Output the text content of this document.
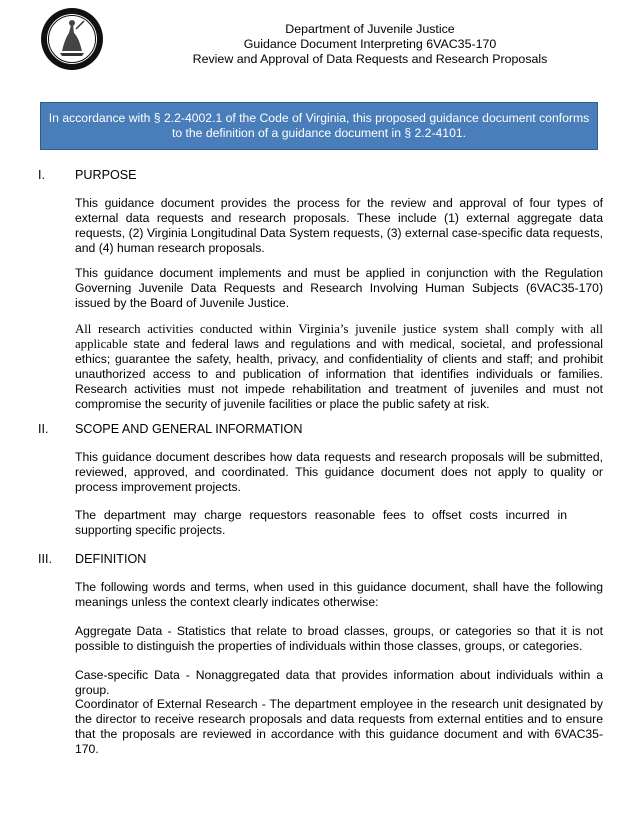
Department of Juvenile Justice
Guidance Document Interpreting 6VAC35-170
Review and Approval of Data Requests and Research Proposals
In accordance with § 2.2-4002.1 of the Code of Virginia, this proposed guidance document conforms
to the definition of a guidance document in § 2.2-4101.
I.	PURPOSE
This guidance document provides the process for the review and approval of four types of external data requests and research proposals. These include (1) external aggregate data requests, (2) Virginia Longitudinal Data System requests, (3) external case-specific data requests, and (4) human research proposals.
This guidance document implements and must be applied in conjunction with the Regulation Governing Juvenile Data Requests and Research Involving Human Subjects (6VAC35-170) issued by the Board of Juvenile Justice.
All research activities conducted within Virginia’s juvenile justice system shall comply with all applicable state and federal laws and regulations and with medical, societal, and professional ethics; guarantee the safety, health, privacy, and confidentiality of clients and staff; and prohibit unauthorized access to and publication of information that identifies individuals or families. Research activities must not impede rehabilitation and treatment of juveniles and must not compromise the security of juvenile facilities or place the public safety at risk.
II.	SCOPE AND GENERAL INFORMATION
This guidance document describes how data requests and research proposals will be submitted, reviewed, approved, and coordinated. This guidance document does not apply to quality or process improvement projects.
The department may charge requestors reasonable fees to offset costs incurred in supporting specific projects.
III.	DEFINITION
The following words and terms, when used in this guidance document, shall have the following meanings unless the context clearly indicates otherwise:
Aggregate Data - Statistics that relate to broad classes, groups, or categories so that it is not possible to distinguish the properties of individuals within those classes, groups, or categories.
Case-specific Data - Nonaggregated data that provides information about individuals within a group.
Coordinator of External Research - The department employee in the research unit designated by the director to receive research proposals and data requests from external entities and to ensure that the proposals are reviewed in accordance with this guidance document and with 6VAC35-170.
